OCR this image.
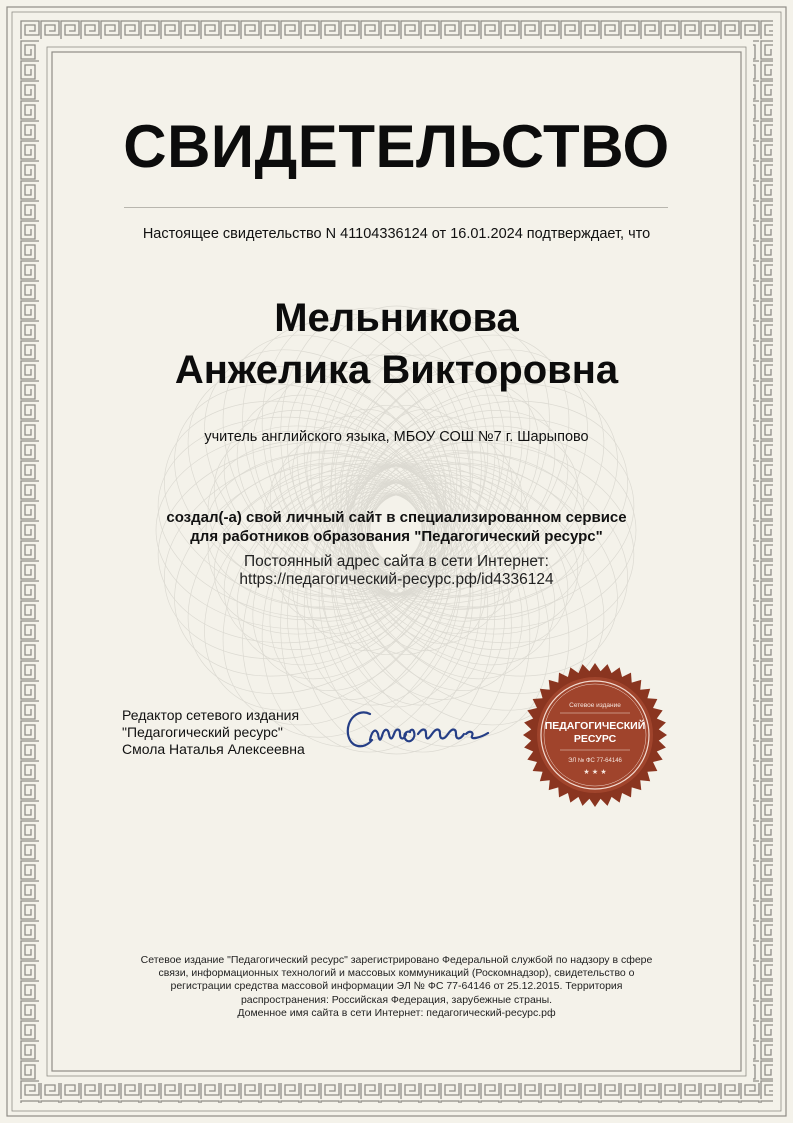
СВИДЕТЕЛЬСТВО
Настоящее свидетельство N 41104336124 от 16.01.2024 подтверждает, что
Мельникова
Анжелика Викторовна
учитель английского языка, МБОУ СОШ №7 г. Шарыпово
создал(-а) свой личный сайт в специализированном сервисе
для работников образования "Педагогический ресурс"
Постоянный адрес сайта в сети Интернет:
https://педагогический-ресурс.рф/id4336124
Редактор сетевого издания
"Педагогический ресурс"
Смола Наталья Алексеевна
Сетевое издание
ПЕДАГОГИЧЕСКИЙ
РЕСУРС
ЭЛ № ФС 77-64146
★ ★ ★
Сетевое издание "Педагогический ресурс" зарегистрировано Федеральной службой по надзору в сфере
связи, информационных технологий и массовых коммуникаций (Роскомнадзор), свидетельство о
регистрации средства массовой информации ЭЛ № ФС 77-64146 от 25.12.2015. Территория
распространения: Российская Федерация, зарубежные страны.
Доменное имя сайта в сети Интернет: педагогический-ресурс.рф
